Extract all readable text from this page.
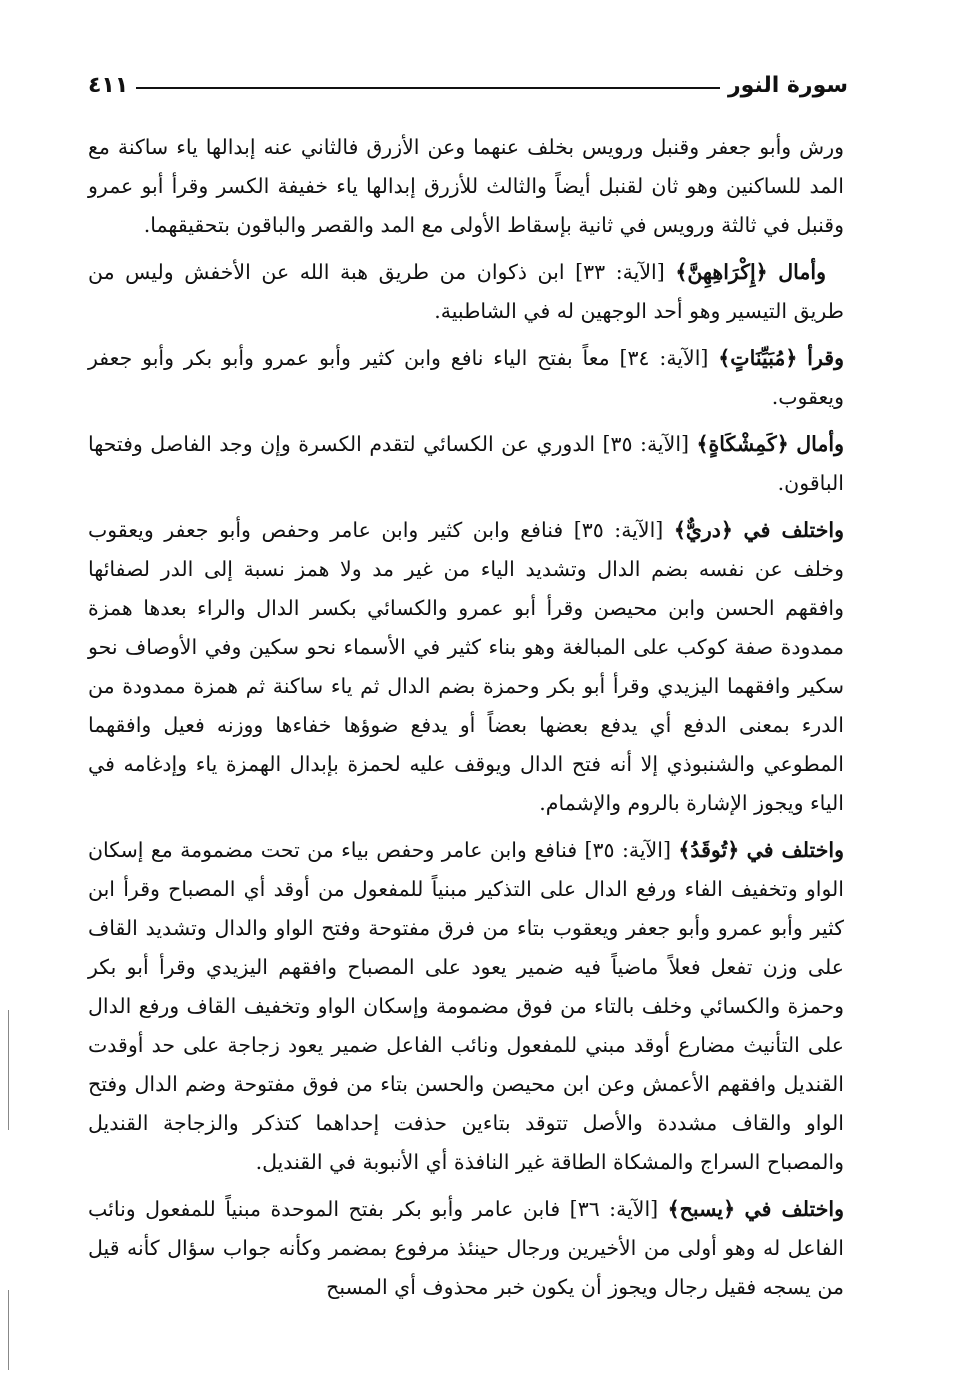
سورة النور
٤١١

ورش وأبو جعفر وقنبل ورويس بخلف عنهما وعن الأزرق فالثاني عنه إبدالها ياء ساكنة مع المد للساكنين وهو ثان لقنبل أيضاً والثالث للأزرق إبدالها ياء خفيفة الكسر وقرأ أبو عمرو وقنبل في ثالثة ورويس في ثانية بإسقاط الأولى مع المد والقصر والباقون بتحقيقهما.

وأمال ﴿إِكْرَاهِهِنَّ﴾ [الآية: ٣٣] ابن ذكوان من طريق هبة الله عن الأخفش وليس من طريق التيسير وهو أحد الوجهين له في الشاطبية.

وقرأ ﴿مُبَيِّنَاتٍ﴾ [الآية: ٣٤] معاً بفتح الياء نافع وابن كثير وأبو عمرو وأبو بكر وأبو جعفر ويعقوب.

وأمال ﴿كَمِشْكَاةٍ﴾ [الآية: ٣٥] الدوري عن الكسائي لتقدم الكسرة وإن وجد الفاصل وفتحها الباقون.

واختلف في ﴿دريٌّ﴾ [الآية: ٣٥] فنافع وابن كثير وابن عامر وحفص وأبو جعفر ويعقوب وخلف عن نفسه بضم الدال وتشديد الياء من غير مد ولا همز نسبة إلى الدر لصفائها وافقهم الحسن وابن محيصن وقرأ أبو عمرو والكسائي بكسر الدال والراء بعدها همزة ممدودة صفة كوكب على المبالغة وهو بناء كثير في الأسماء نحو سكين وفي الأوصاف نحو سكير وافقهما اليزيدي وقرأ أبو بكر وحمزة بضم الدال ثم ياء ساكنة ثم همزة ممدودة من الدرء بمعنى الدفع أي يدفع بعضها بعضاً أو يدفع ضوؤها خفاءها ووزنه فعيل وافقهما المطوعي والشنبوذي إلا أنه فتح الدال ويوقف عليه لحمزة بإبدال الهمزة ياء وإدغامه في الياء ويجوز الإشارة بالروم والإشمام.

واختلف في ﴿تُوقَدُ﴾ [الآية: ٣٥] فنافع وابن عامر وحفص بياء من تحت مضمومة مع إسكان الواو وتخفيف الفاء ورفع الدال على التذكير مبنياً للمفعول من أوقد أي المصباح وقرأ ابن كثير وأبو عمرو وأبو جعفر ويعقوب بتاء من فرق مفتوحة وفتح الواو والدال وتشديد القاف على وزن تفعل فعلاً ماضياً فيه ضمير يعود على المصباح وافقهم اليزيدي وقرأ أبو بكر وحمزة والكسائي وخلف بالتاء من فوق مضمومة وإسكان الواو وتخفيف القاف ورفع الدال على التأنيث مضارع أوقد مبني للمفعول ونائب الفاعل ضمير يعود زجاجة على حد أوقدت القنديل وافقهم الأعمش وعن ابن محيصن والحسن بتاء من فوق مفتوحة وضم الدال وفتح الواو والقاف مشددة والأصل تتوقد بتاءين حذفت إحداهما كتذكر والزجاجة القنديل والمصباح السراج والمشكاة الطاقة غير النافذة أي الأنبوبة في القنديل.

واختلف في ﴿يسبح﴾ [الآية: ٣٦] فابن عامر وأبو بكر بفتح الموحدة مبنياً للمفعول ونائب الفاعل له وهو أولى من الأخيرين ورجال حينئذ مرفوع بمضمر وكأنه جواب سؤال كأنه قيل من يسجه فقيل رجال ويجوز أن يكون خبر محذوف أي المسبح
